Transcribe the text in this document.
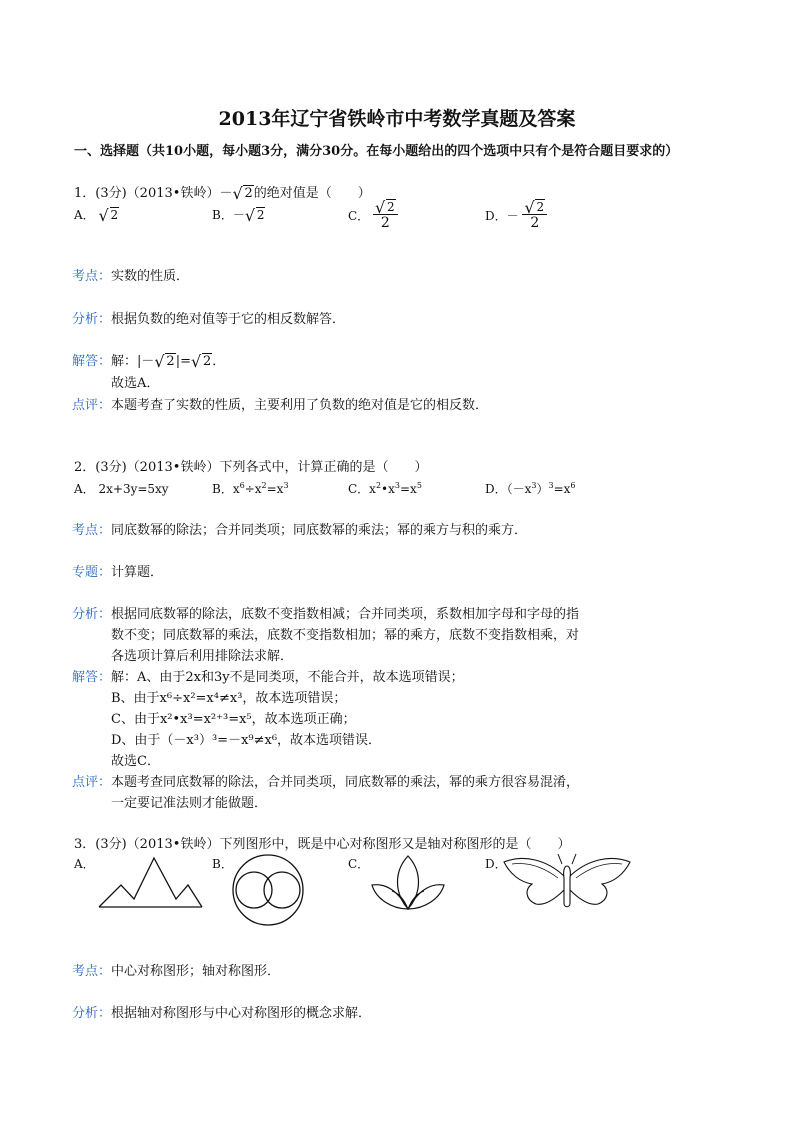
2013年辽宁省铁岭市中考数学真题及答案
一、选择题（共10小题，每小题3分，满分30分。在每小题给出的四个选项中只有个是符合题目要求的）
1．(3分)（2013•铁岭）－ √ 2的绝对值是（　　）
A． √ 2	B．－ √ 2	C． √ $\frac{2}{2}$	D．－ √ $\frac{2}{2}$
考点：实数的性质．
分析：根据负数的绝对值等于它的相反数解答．
解答：解：|－ √ 2|= √ 2．
故选A．
点评：本题考查了实数的性质，主要利用了负数的绝对值是它的相反数．
2．(3分)（2013•铁岭）下列各式中，计算正确的是（　　）
A． 2x+3y=5xy	B．$x^6\div x^2=x^3$	C．$x^2•x^3=x^5$	D．$(-x^3)^3=x^6$
考点：同底数幂的除法；合并同类项；同底数幂的乘法；幂的乘方与积的乘方．
专题：计算题．
分析：根据同底数幂的除法，底数不变指数相减；合并同类项，系数相加字母和字母的指
数不变；同底数幂的乘法，底数不变指数相加；幂的乘方，底数不变指数相乘，对
各选项计算后利用排除法求解．
解答：解：A、由于2x和3y不是同类项，不能合并，故本选项错误；
B、由于x⁶÷x²=x⁴≠x³，故本选项错误；
C、由于x²•x³=x²⁺³=x⁵，故本选项正确；
D、由于（－x³）³=－x⁹≠x⁶，故本选项错误．
故选C．
点评：本题考查同底数幂的除法，合并同类项，同底数幂的乘法，幂的乘方很容易混淆，
一定要记准法则才能做题．
3．(3分)（2013•铁岭）下列图形中，既是中心对称图形又是轴对称图形的是（　　）
A．	B．	C．	D．
考点：中心对称图形；轴对称图形．
分析：根据轴对称图形与中心对称图形的概念求解．
